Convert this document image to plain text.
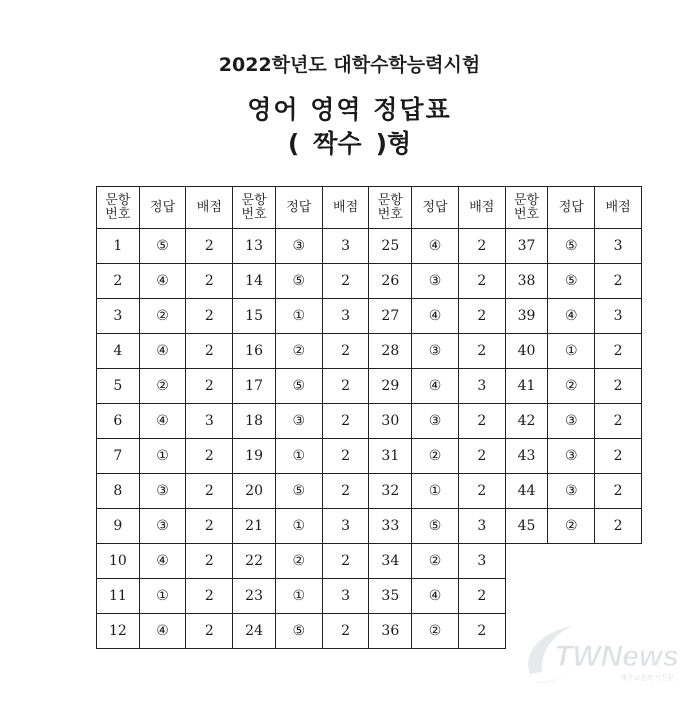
2022학년도 대학수학능력시험
영어 영역 정답표
( 짝수 )형
문항
번호	정답	배점	문항
번호	정답	배점	문항
번호	정답	배점	문항
번호	정답	배점
1	⑤	2	13	③	3	25	④	2	37	⑤	3
2	④	2	14	⑤	2	26	③	2	38	⑤	2
3	②	2	15	①	3	27	④	2	39	④	3
4	④	2	16	②	2	28	③	2	40	①	2
5	②	2	17	⑤	2	29	④	3	41	②	2
6	④	3	18	③	2	30	③	2	42	③	2
7	①	2	19	①	2	31	②	2	43	③	2
8	③	2	20	⑤	2	32	①	2	44	③	2
9	③	2	21	①	3	33	⑤	3	45	②	2
10	④	2	22	②	2	34	②	3			
11	①	2	23	①	3	35	④	2			
12	④	2	24	⑤	2	36	②	2			
TWNews
제주교통복지신문
